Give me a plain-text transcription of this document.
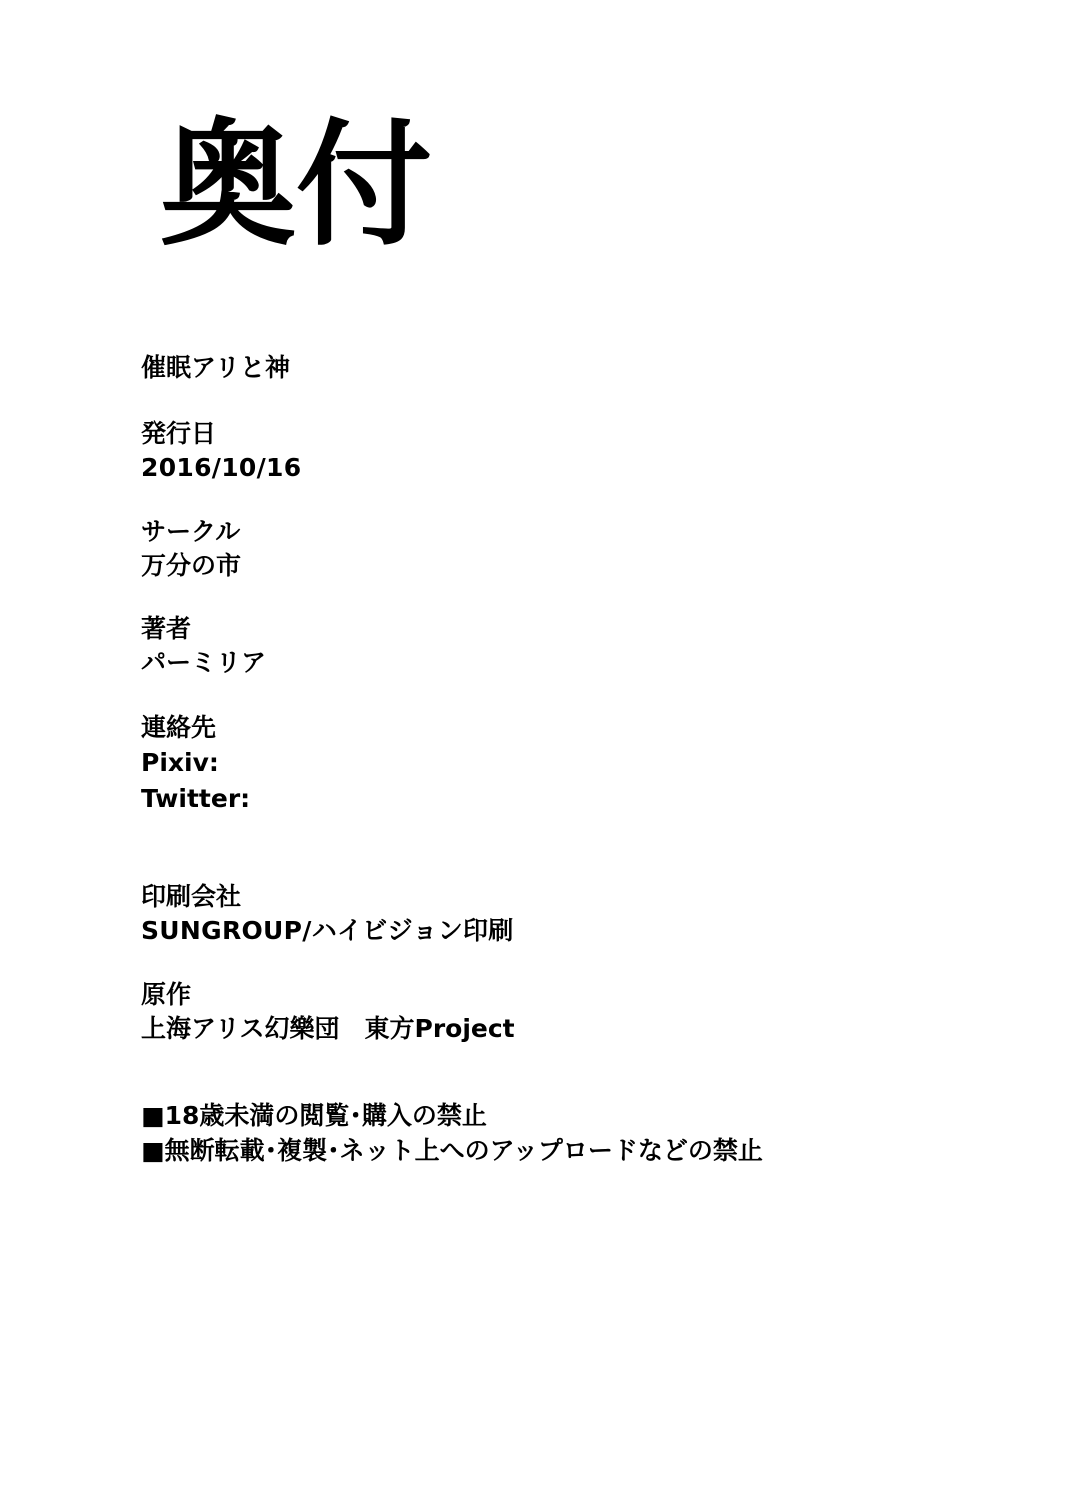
奥付
催眠アリと神
発行日
2016/10/16
サークル
万分の市
著者
パーミリア
連絡先
Pixiv:
Twitter:
印刷会社
SUNGROUP/ハイビジョン印刷
原作
上海アリス幻樂団　東方Project
■18歳未満の閲覧･購入の禁止
■無断転載･複製･ネット上へのアップロードなどの禁止
